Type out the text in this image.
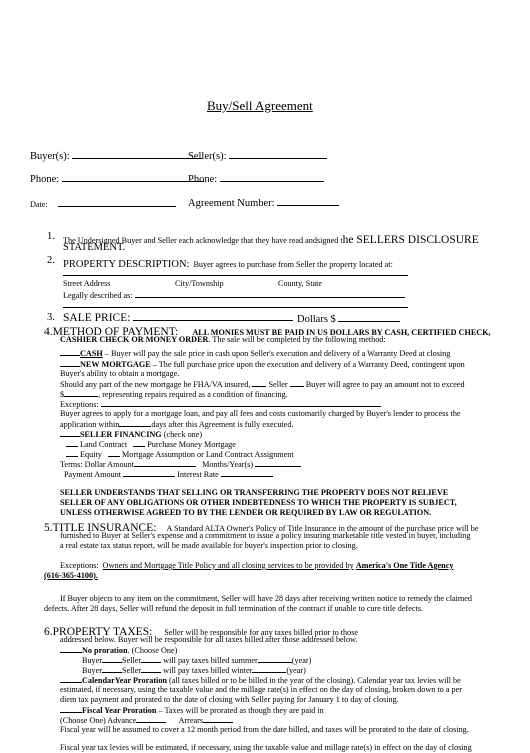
Buy/Sell Agreement
Buyer(s):	Seller(s):
Phone:	Phone:
Date:	Agreement Number:
1. The Undersigned Buyer and Seller each acknowledge that they have read andsigned the SELLERS DISCLOSURE
STATEMENT.
2. PROPERTY DESCRIPTION: Buyer agrees to purchase from Seller the property located at:
Street Address	City/Township	County, State
Legally described as:
3. SALE PRICE:	Dollars $
4.METHOD OF PAYMENT: ALL MONIES MUST BE PAID IN US DOLLARS BY CASH, CERTIFIED CHECK,
CASHIER CHECK OR MONEY ORDER. The sale will be completed by the following method:
CASH – Buyer will pay the sale price in cash upon Seller's execution and delivery of a Warranty Deed at closing
NEW MORTGAGE – The full purchase price upon the execution and delivery of a Warranty Deed, contingent upon
Buyer's ability to obtain a mortgage.
Should any part of the new mortgage be FHA/VA insured, Seller Buyer will agree to pay an amount not to exceed
$	, representing repairs required as a condition of financing.
Exceptions:
Buyer agrees to apply for a mortgage loan, and pay all fees and costs customarily charged by Buyer's lender to process the
application within	days after this Agreement is fully executed.
SELLER FINANCING (check one)
Land Contract Purchase Money Mortgage
Equity Mortgage Assumption or Land Contract Assignment
Terms: Dollar Amount	Months/Year(s)
Payment Amount	Interest Rate
SELLER UNDERSTANDS THAT SELLING OR TRANSFERRING THE PROPERTY DOES NOT RELIEVE
SELLER OF ANY OBLIGATIONS OR OTHER INDEBTEDNESS TO WHICH THE PROPERTY IS SUBJECT,
UNLESS OTHERWISE AGREED TO BY THE LENDER OR REQUIRED BY LAW OR REGULATION.
5.TITLE INSURANCE: A Standard ALTA Owner's Policy of Title Insurance in the amount of the purchase price will be
furnished to Buyer at Seller's expense and a commitment to issue a policy insuring marketable title vested in buyer, including
a real estate tax status report, will be made available for buyer's inspection prior to closing.
Exceptions: Owners and Mortgage Title Policy and all closing services to be provided by America's One Title Agency
(616-365-4100).
If Buyer objects to any item on the commitment, Seller will have 28 days after receiving written notice to remedy the claimed
defects. After 28 days, Seller will refund the deposit in full termination of the contract if unable to cure title defects.
6.PROPERTY TAXES: Seller will be responsible for any taxes billed prior to those
addressed below. Buyer will be responsible for all taxes billed after those addressed below.
No proration. (Choose One)
Buyer Seller	will pay taxes billed summer	(year)
Buyer Seller	will pay taxes billed winter	(year)
CalendarYear Proration (all taxes billed or to be billed in the year of the closing). Calendar year tax levies will be
estimated, if necessary, using the taxable value and the millage rate(s) in effect on the day of closing, broken down to a per
diem tax payment and prorated to the date of closing with Seller paying for January 1 to day of closing.
Fiscal Year Proration – Taxes will be prorated as though they are paid in
(Choose One) Advance	Arrears
Fiscal year will be assumed to cover a 12 month period from the date billed, and taxes will be prorated to the date of closing.
Fiscal year tax levies will be estimated, if necessary, using the taxable value and millage rate(s) in effect on the day of closing
